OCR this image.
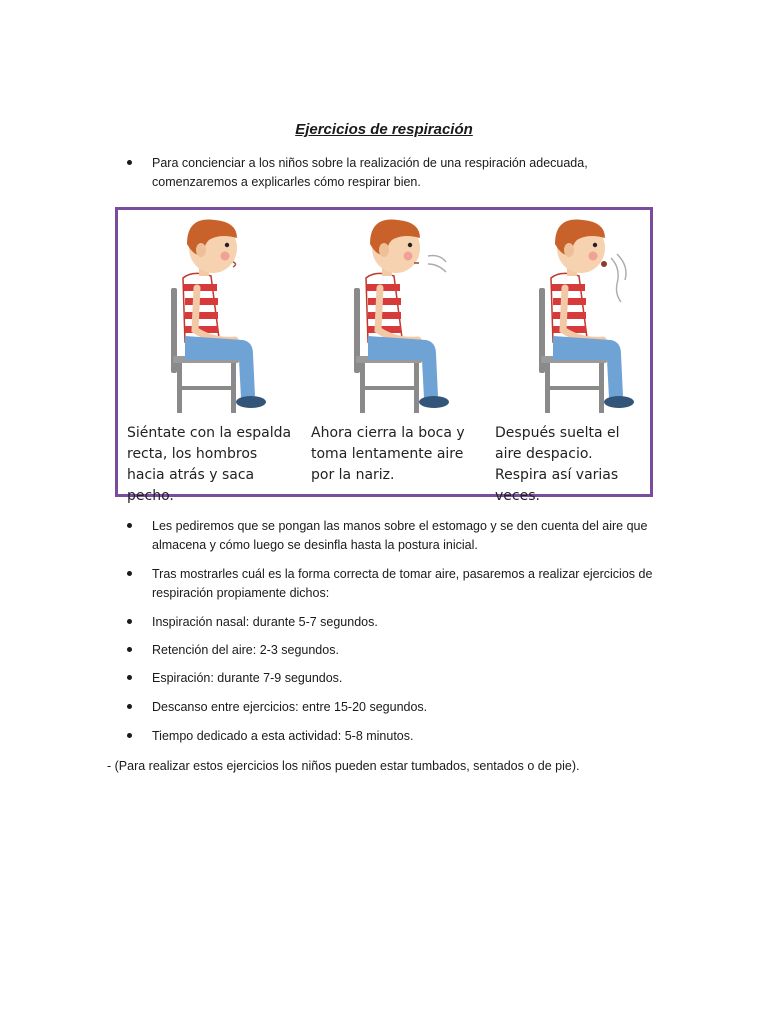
Ejercicios de respiración
Para concienciar a los niños sobre la realización de una respiración adecuada, comenzaremos a explicarles cómo respirar bien.
Siéntate con la espalda recta, los hombros hacia atrás y saca pecho.
Ahora cierra la boca y toma lentamente aire por la nariz.
Después suelta el aire despacio. Respira así varias veces.
Les pediremos que se pongan las manos sobre el estomago y se den cuenta del aire que almacena y cómo luego se desinfla hasta la postura inicial.
Tras mostrarles cuál es la forma correcta de tomar aire, pasaremos a realizar ejercicios de respiración propiamente dichos:
Inspiración nasal: durante 5-7 segundos.
Retención del aire: 2-3 segundos.
Espiración: durante 7-9 segundos.
Descanso entre ejercicios: entre 15-20 segundos.
Tiempo dedicado a esta actividad: 5-8 minutos.
- (Para realizar estos ejercicios los niños pueden estar tumbados, sentados o de pie).
